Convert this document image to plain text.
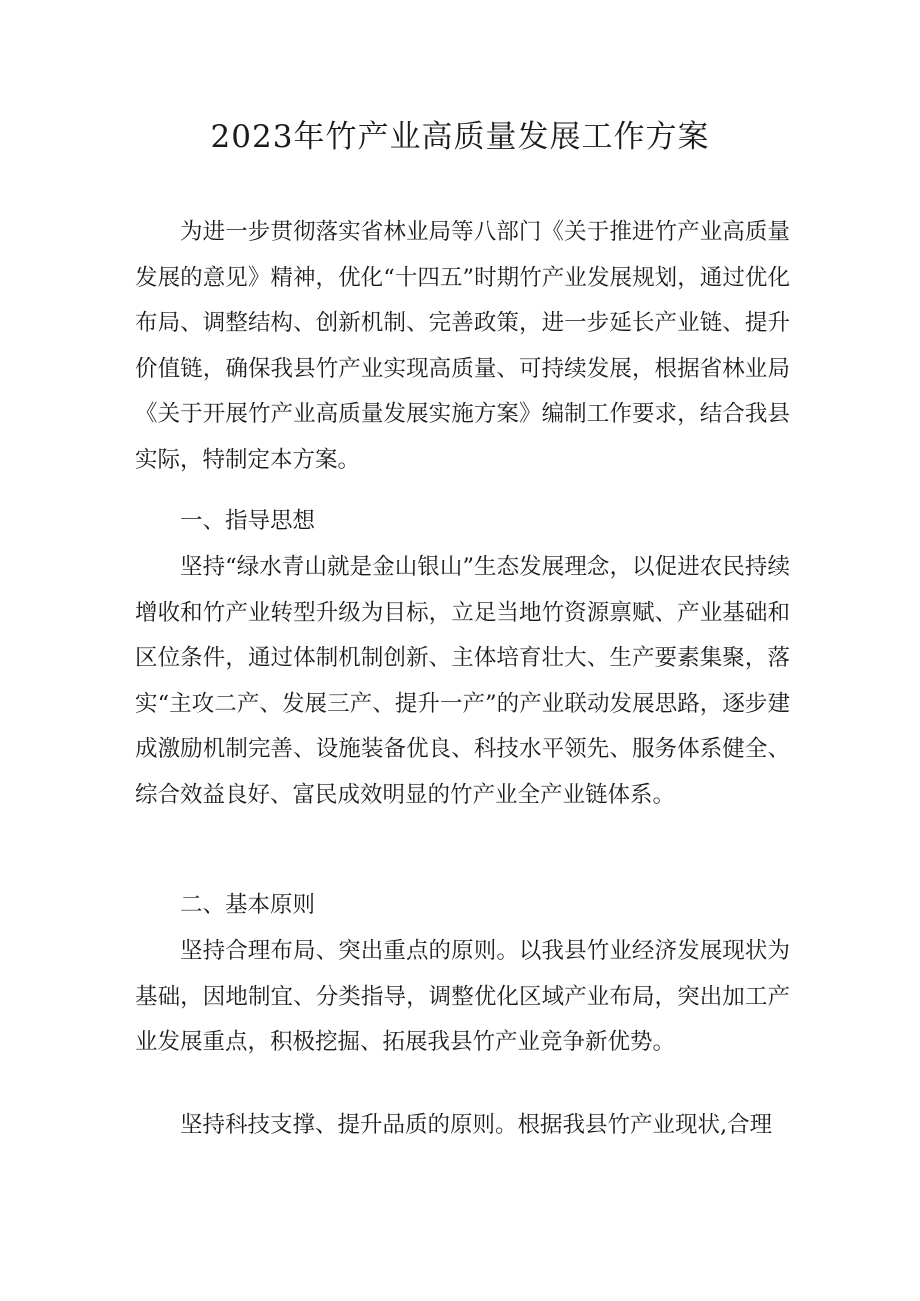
2023年竹产业高质量发展工作方案

为进一步贯彻落实省林业局等八部门《关于推进竹产业高质量发展的意见》精神，优化“十四五”时期竹产业发展规划，通过优化布局、调整结构、创新机制、完善政策，进一步延长产业链、提升价值链，确保我县竹产业实现高质量、可持续发展，根据省林业局《关于开展竹产业高质量发展实施方案》编制工作要求，结合我县实际，特制定本方案。

一、指导思想

坚持“绿水青山就是金山银山”生态发展理念，以促进农民持续增收和竹产业转型升级为目标，立足当地竹资源禀赋、产业基础和区位条件，通过体制机制创新、主体培育壮大、生产要素集聚，落实“主攻二产、发展三产、提升一产”的产业联动发展思路，逐步建成激励机制完善、设施装备优良、科技水平领先、服务体系健全、综合效益良好、富民成效明显的竹产业全产业链体系。

二、基本原则

坚持合理布局、突出重点的原则。以我县竹业经济发展现状为基础，因地制宜、分类指导，调整优化区域产业布局，突出加工产业发展重点，积极挖掘、拓展我县竹产业竞争新优势。

坚持科技支撑、提升品质的原则。根据我县竹产业现状,合理
